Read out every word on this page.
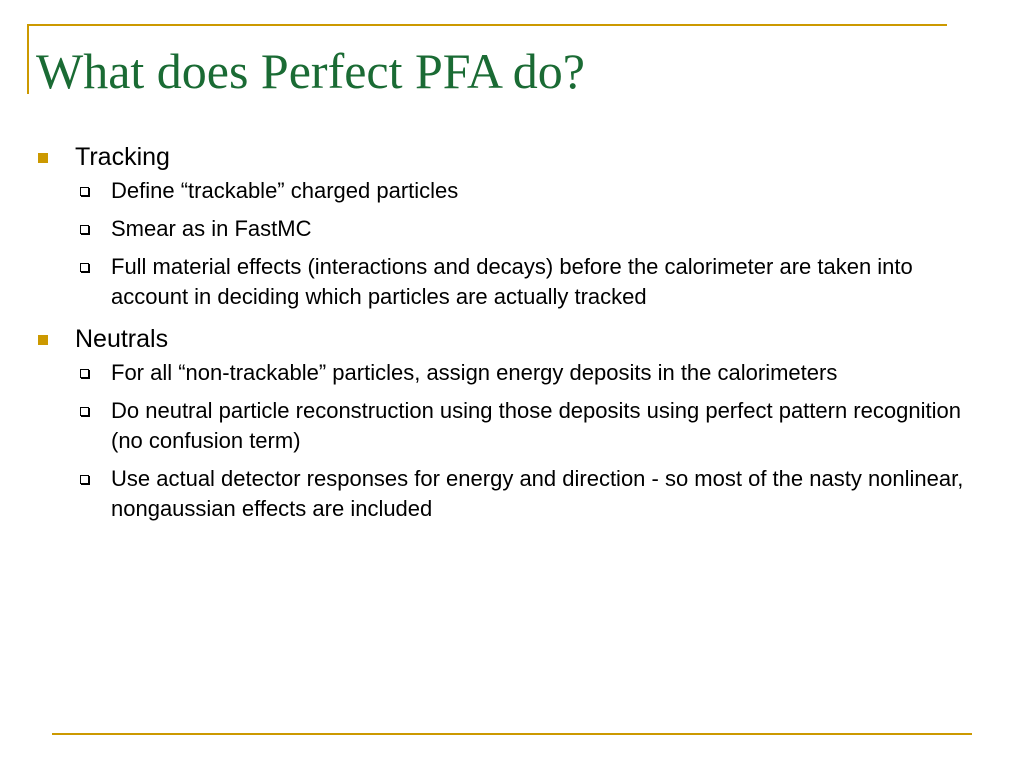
What does Perfect PFA do?
Tracking
Define “trackable” charged particles
Smear as in FastMC
Full material effects (interactions and decays) before the calorimeter are taken into account in deciding which particles are actually tracked
Neutrals
For all “non-trackable” particles, assign energy deposits in the calorimeters
Do neutral particle reconstruction using those deposits using perfect pattern recognition (no confusion term)
Use actual detector responses for energy and direction - so most of the nasty nonlinear, nongaussian effects are included
